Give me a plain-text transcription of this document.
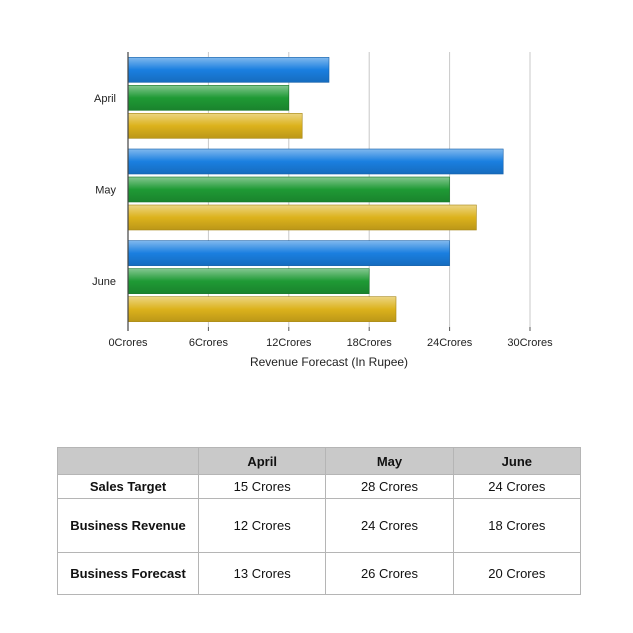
0Crores	6Crores	12Crores	18Crores	24Crores	30Crores
April
May
June
Revenue Forecast (In Rupee)
	April	May	June
Sales Target	15 Crores	28 Crores	24 Crores
Business Revenue	12 Crores	24 Crores	18 Crores
Business Forecast	13 Crores	26 Crores	20 Crores
